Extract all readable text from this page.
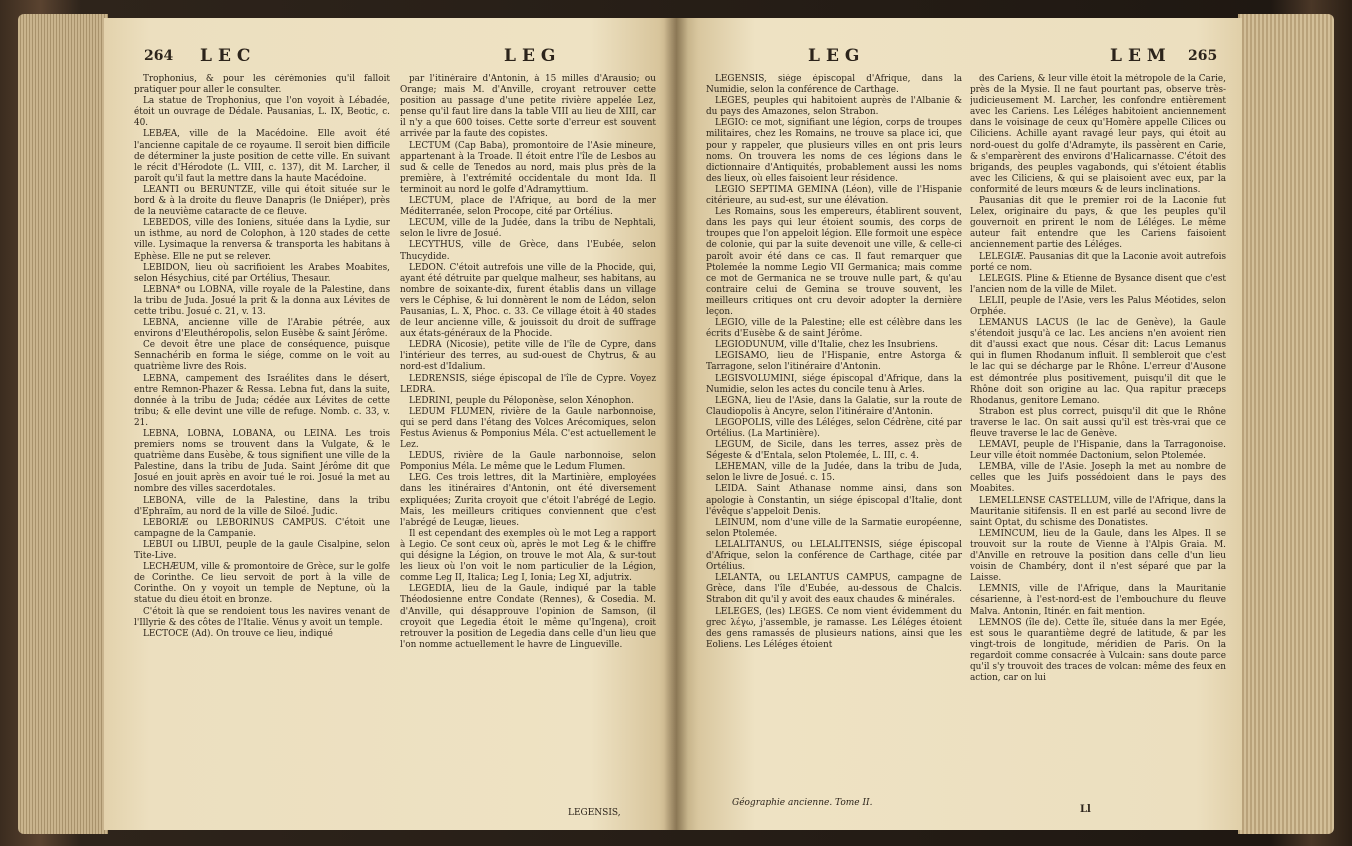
264 LEC	LEG

Trophonius, & pour les cérémonies qu'il falloit pratiquer pour aller le consulter.

La statue de Trophonius, que l'on voyoit à Lébadée, étoit un ouvrage de Dédale. Pausanias, L. IX, Beotic, c. 40.

LEBÆA, ville de la Macédoine. Elle avoit été l'ancienne capitale de ce royaume. Il seroit bien difficile de déterminer la juste position de cette ville. En suivant le récit d'Hérodote (L. VIII, c. 137), dit M. Larcher, il paroît qu'il faut la mettre dans la haute Macédoine.

LEANTI ou BERUNTZE, ville qui étoit située sur le bord & à la droite du fleuve Danapris (le Dniéper), près de la neuvième cataracte de ce fleuve.

LEBEDOS, ville des Ioniens, située dans la Lydie, sur un isthme, au nord de Colophon, à 120 stades de cette ville. Lysimaque la renversa & transporta les habitans à Ephèse. Elle ne put se relever.

LEBIDON, lieu où sacrifioient les Arabes Moabites, selon Hésychius, cité par Ortélius, Thesaur.

LEBNA* ou LOBNA, ville royale de la Palestine, dans la tribu de Juda. Josué la prit & la donna aux Lévites de cette tribu. Josué c. 21, v. 13.

LEBNA, ancienne ville de l'Arabie pétrée, aux environs d'Eleuthéropolis, selon Eusèbe & saint Jérôme.

Ce devoit être une place de conséquence, puisque Sennachérib en forma le siége, comme on le voit au quatrième livre des Rois.

LEBNA, campement des Israélites dans le désert, entre Remnon-Phazer & Ressa. Lebna fut, dans la suite, donnée à la tribu de Juda; cédée aux Lévites de cette tribu; & elle devint une ville de refuge. Nomb. c. 33, v. 21.

LEBNA, LOBNA, LOBANA, ou LEINA. Les trois premiers noms se trouvent dans la Vulgate, & le quatrième dans Eusèbe, & tous signifient une ville de la Palestine, dans la tribu de Juda. Saint Jérôme dit que Josué en jouit après en avoir tué le roi. Josué la met au nombre des villes sacerdotales.

LEBONA, ville de la Palestine, dans la tribu d'Ephraïm, au nord de la ville de Siloé. Judic.

LEBORIÆ ou LEBORINUS CAMPUS. C'étoit une campagne de la Campanie.

LEBUI ou LIBUI, peuple de la gaule Cisalpine, selon Tite-Live.

LECHÆUM, ville & promontoire de Grèce, sur le golfe de Corinthe. Ce lieu servoit de port à la ville de Corinthe. On y voyoit un temple de Neptune, où la statue du dieu étoit en bronze.

C'étoit là que se rendoient tous les navires venant de l'Illyrie & des côtes de l'Italie. Vénus y avoit un temple.

LECTOCE (Ad). On trouve ce lieu, indiqué

par l'itinéraire d'Antonin, à 15 milles d'Arausio; ou Orange; mais M. d'Anville, croyant retrouver cette position au passage d'une petite rivière appelée Lez, pense qu'il faut lire dans la table VIII au lieu de XIII, car il n'y a que 600 toises. Cette sorte d'erreur est souvent arrivée par la faute des copistes.

LECTUM (Cap Baba), promontoire de l'Asie mineure, appartenant à la Troade. Il étoit entre l'île de Lesbos au sud & celle de Tenedos au nord, mais plus près de la première, à l'extrémité occidentale du mont Ida. Il terminoit au nord le golfe d'Adramyttium.

LECTUM, place de l'Afrique, au bord de la mer Méditerranée, selon Procope, cité par Ortélius.

LECUM, ville de la Judée, dans la tribu de Nephtali, selon le livre de Josué.

LECYTHUS, ville de Grèce, dans l'Eubée, selon Thucydide.

LEDON. C'étoit autrefois une ville de la Phocide, qui, ayant été détruite par quelque malheur, ses habitans, au nombre de soixante-dix, furent établis dans un village vers le Céphise, & lui donnèrent le nom de Lédon, selon Pausanias, L. X, Phoc. c. 33. Ce village étoit à 40 stades de leur ancienne ville, & jouissoit du droit de suffrage aux états-généraux de la Phocide.

LEDRA (Nicosie), petite ville de l'île de Cypre, dans l'intérieur des terres, au sud-ouest de Chytrus, & au nord-est d'Idalium.

LEDRENSIS, siége épiscopal de l'île de Cypre. Voyez LEDRA.

LEDRINI, peuple du Péloponèse, selon Xénophon.

LEDUM FLUMEN, rivière de la Gaule narbonnoise, qui se perd dans l'étang des Volces Arécomiques, selon Festus Avienus & Pomponius Méla. C'est actuellement le Lez.

LEDUS, rivière de la Gaule narbonnoise, selon Pomponius Méla. Le même que le Ledum Flumen.

LEG. Ces trois lettres, dit la Martinière, employées dans les itinéraires d'Antonin, ont été diversement expliquées; Zurita croyoit que c'étoit l'abrégé de Legio. Mais, les meilleurs critiques conviennent que c'est l'abrégé de Leugæ, lieues.

Il est cependant des exemples où le mot Leg a rapport à Legio. Ce sont ceux où, après le mot Leg & le chiffre qui désigne la Légion, on trouve le mot Ala, & sur-tout les lieux où l'on voit le nom particulier de la Légion, comme Leg II, Italica; Leg I, Ionia; Leg XI, adjutrix.

LEGEDIA, lieu de la Gaule, indiqué par la table Théodosienne entre Condate (Rennes), & Cosedia. M. d'Anville, qui désapprouve l'opinion de Samson, (il croyoit que Legedia étoit le même qu'Ingena), croit retrouver la position de Legedia dans celle d'un lieu que l'on nomme actuellement le havre de Lingueville.

LEGENSIS,
LEG	LEM 265

LEGENSIS, siége épiscopal d'Afrique, dans la Numidie, selon la conférence de Carthage.

LEGES, peuples qui habitoient auprès de l'Albanie & du pays des Amazones, selon Strabon.

LEGIO: ce mot, signifiant une légion, corps de troupes militaires, chez les Romains, ne trouve sa place ici, que pour y rappeler, que plusieurs villes en ont pris leurs noms. On trouvera les noms de ces légions dans le dictionnaire d'Antiquités, probablement aussi les noms des lieux, où elles faisoient leur résidence.

LEGIO SEPTIMA GEMINA (Léon), ville de l'Hispanie citérieure, au sud-est, sur une élévation.

Les Romains, sous les empereurs, établirent souvent, dans les pays qui leur étoient soumis, des corps de troupes que l'on appeloit légion. Elle formoit une espèce de colonie, qui par la suite devenoit une ville, & celle-ci paroît avoir été dans ce cas. Il faut remarquer que Ptolemée la nomme Legio VII Germanica; mais comme ce mot de Germanica ne se trouve nulle part, & qu'au contraire celui de Gemina se trouve souvent, les meilleurs critiques ont cru devoir adopter la dernière leçon.

LEGIO, ville de la Palestine; elle est célèbre dans les écrits d'Eusèbe & de saint Jérôme.

LEGIODUNUM, ville d'Italie, chez les Insubriens.

LEGISAMO, lieu de l'Hispanie, entre Astorga & Tarragone, selon l'itinéraire d'Antonin.

LEGISVOLUMINI, siége épiscopal d'Afrique, dans la Numidie, selon les actes du concile tenu à Arles.

LEGNA, lieu de l'Asie, dans la Galatie, sur la route de Claudiopolis à Ancyre, selon l'itinéraire d'Antonin.

LEGOPOLIS, ville des Léléges, selon Cédrène, cité par Ortélius. (La Martinière).

LEGUM, de Sicile, dans les terres, assez près de Ségeste & d'Entala, selon Ptolemée, L. III, c. 4.

LEHEMAN, ville de la Judée, dans la tribu de Juda, selon le livre de Josué. c. 15.

LEIDA. Saint Athanase nomme ainsi, dans son apologie à Constantin, un siége épiscopal d'Italie, dont l'évêque s'appeloit Denis.

LEINUM, nom d'une ville de la Sarmatie européenne, selon Ptolemée.

LELALITANUS, ou LELALITENSIS, siége épiscopal d'Afrique, selon la conférence de Carthage, citée par Ortélius.

LELANTA, ou LELANTUS CAMPUS, campagne de Grèce, dans l'île d'Eubée, au-dessous de Chalcis. Strabon dit qu'il y avoit des eaux chaudes & minérales.

LELEGES, (les) LEGES. Ce nom vient évidemment du grec λέγω, j'assemble, je ramasse. Les Léléges étoient des gens ramassés de plusieurs nations, ainsi que les Eoliens. Les Léléges étoient

des Cariens, & leur ville étoit la métropole de la Carie, près de la Mysie. Il ne faut pourtant pas, observe très-judicieusement M. Larcher, les confondre entièrement avec les Cariens. Les Léléges habitoient anciennement dans le voisinage de ceux qu'Homère appelle Cilices ou Ciliciens. Achille ayant ravagé leur pays, qui étoit au nord-ouest du golfe d'Adramyte, ils passèrent en Carie, & s'emparèrent des environs d'Halicarnasse. C'étoit des brigands, des peuples vagabonds, qui s'étoient établis avec les Ciliciens, & qui se plaisoient avec eux, par la conformité de leurs mœurs & de leurs inclinations.

Pausanias dit que le premier roi de la Laconie fut Lelex, originaire du pays, & que les peuples qu'il gouvernoit en prirent le nom de Léléges. Le même auteur fait entendre que les Cariens faisoient anciennement partie des Léléges.

LELEGIÆ. Pausanias dit que la Laconie avoit autrefois porté ce nom.

LELEGIS. Pline & Etienne de Bysance disent que c'est l'ancien nom de la ville de Milet.

LELII, peuple de l'Asie, vers les Palus Méotides, selon Orphée.

LEMANUS LACUS (le lac de Genève), la Gaule s'étendoit jusqu'à ce lac. Les anciens n'en avoient rien dit d'aussi exact que nous. César dit: Lacus Lemanus qui in flumen Rhodanum influit. Il sembleroit que c'est le lac qui se décharge par le Rhône. L'erreur d'Ausone est démontrée plus positivement, puisqu'il dit que le Rhône doit son origine au lac. Qua rapitur præceps Rhodanus, genitore Lemano.

Strabon est plus correct, puisqu'il dit que le Rhône traverse le lac. On sait aussi qu'il est très-vrai que ce fleuve traverse le lac de Genève.

LEMAVI, peuple de l'Hispanie, dans la Tarragonoise. Leur ville étoit nommée Dactonium, selon Ptolemée.

LEMBA, ville de l'Asie. Joseph la met au nombre de celles que les Juifs possédoient dans le pays des Moabites.

LEMELLENSE CASTELLUM, ville de l'Afrique, dans la Mauritanie sitifensis. Il en est parlé au second livre de saint Optat, du schisme des Donatistes.

LEMINCUM, lieu de la Gaule, dans les Alpes. Il se trouvoit sur la route de Vienne à l'Alpis Graia. M. d'Anville en retrouve la position dans celle d'un lieu voisin de Chambéry, dont il n'est séparé que par la Laisse.

LEMNIS, ville de l'Afrique, dans la Mauritanie césarienne, à l'est-nord-est de l'embouchure du fleuve Malva. Antonin, Itinér. en fait mention.

LEMNOS (île de). Cette île, située dans la mer Egée, est sous le quarantième degré de latitude, & par les vingt-trois de longitude, méridien de Paris. On la regardoit comme consacrée à Vulcain: sans doute parce qu'il s'y trouvoit des traces de volcan: même des feux en action, car on lui

Géographie ancienne. Tome II.
Ll
